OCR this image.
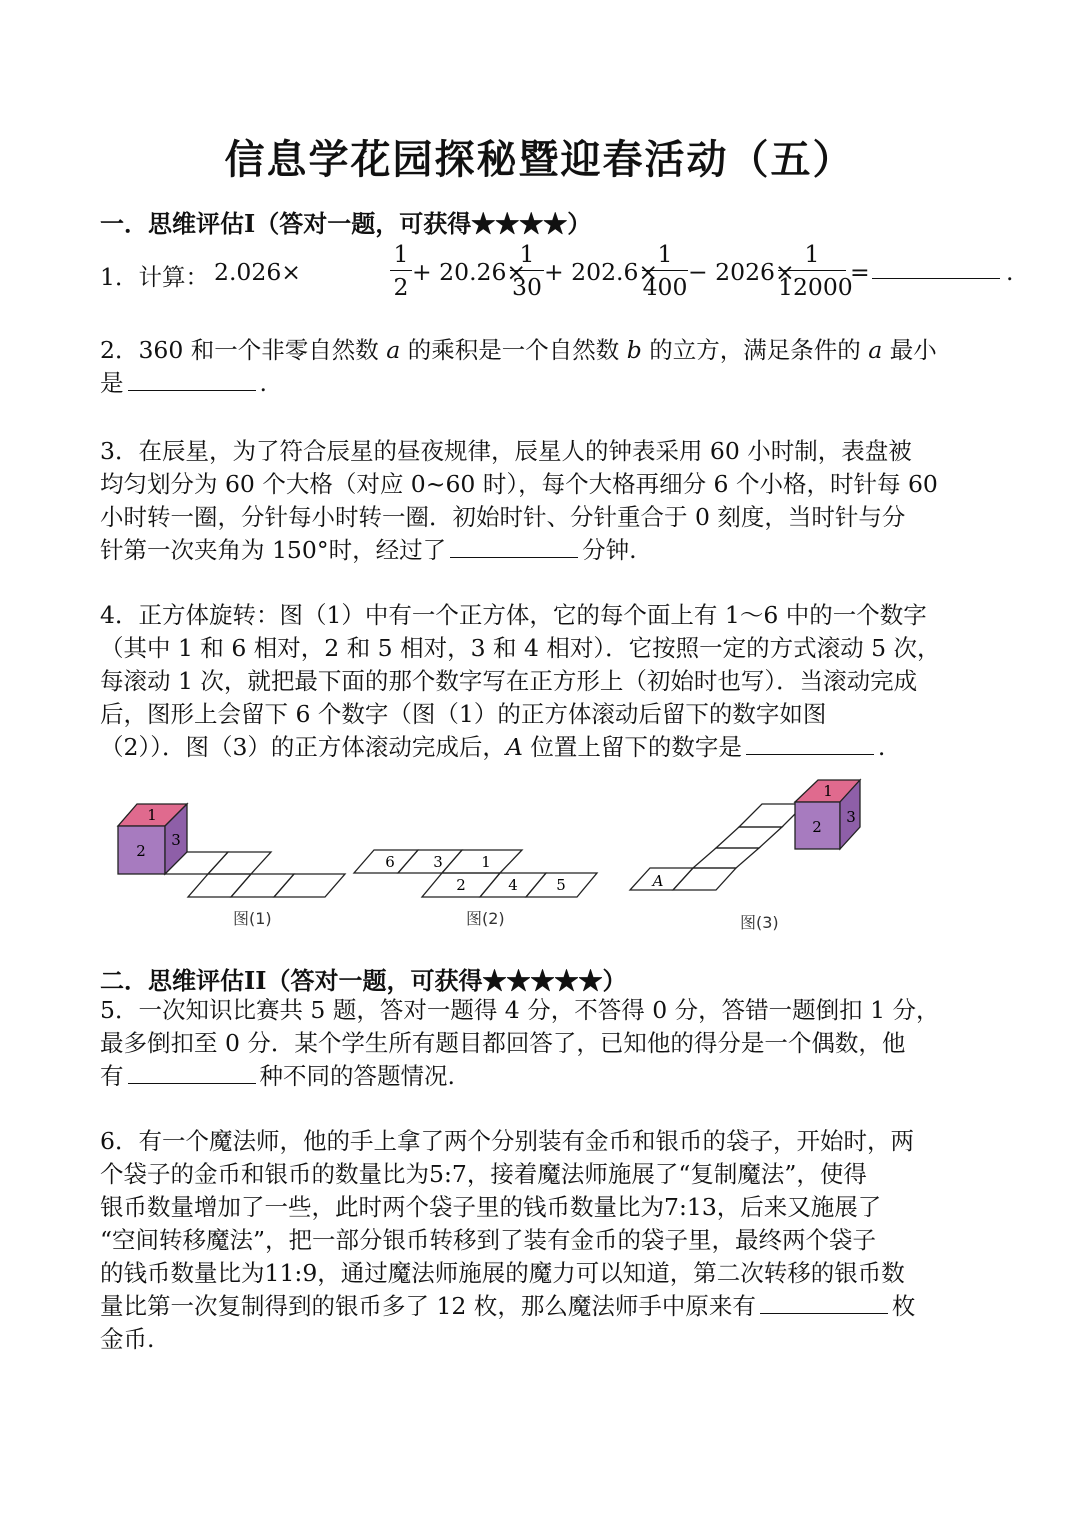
信息学花园探秘暨迎春活动（五）
一．思维评估I（答对一题，可获得★★★★）
1．计算： 2.026×
1
2
+ 20.26×
1
30
+ 202.6×
1
400
− 2026×
1
12000
=	.
2．360 和一个非零自然数 a 的乘积是一个自然数 b 的立方，满足条件的 a 最小
是	.
3．在辰星，为了符合辰星的昼夜规律，辰星人的钟表采用 60 小时制，表盘被
均匀划分为 60 个大格（对应 0~60 时），每个大格再细分 6 个小格，时针每 60
小时转一圈，分针每小时转一圈．初始时针、分针重合于 0 刻度，当时针与分
针第一次夹角为 150°时，经过了	分钟.
4．正方体旋转：图（1）中有一个正方体，它的每个面上有 1～6 中的一个数字
（其中 1 和 6 相对，2 和 5 相对，3 和 4 相对）．它按照一定的方式滚动 5 次，
每滚动 1 次，就把最下面的那个数字写在正方形上（初始时也写）．当滚动完成
后，图形上会留下 6 个数字（图（1）的正方体滚动后留下的数字如图
（2））．图（3）的正方体滚动完成后，A 位置上留下的数字是	.
1
2
3
6	3	1
2	4	5
1
2
3
A
图(1)	图(2)	图(3)
二．思维评估II（答对一题，可获得★★★★★）
5．一次知识比赛共 5 题，答对一题得 4 分，不答得 0 分，答错一题倒扣 1 分，
最多倒扣至 0 分．某个学生所有题目都回答了，已知他的得分是一个偶数，他
有	种不同的答题情况.
6．有一个魔法师，他的手上拿了两个分别装有金币和银币的袋子，开始时，两
个袋子的金币和银币的数量比为5:7，接着魔法师施展了“复制魔法”，使得
银币数量增加了一些，此时两个袋子里的钱币数量比为7:13，后来又施展了
“空间转移魔法”，把一部分银币转移到了装有金币的袋子里，最终两个袋子
的钱币数量比为11:9，通过魔法师施展的魔力可以知道，第二次转移的银币数
量比第一次复制得到的银币多了 12 枚，那么魔法师手中原来有	枚
金币.
